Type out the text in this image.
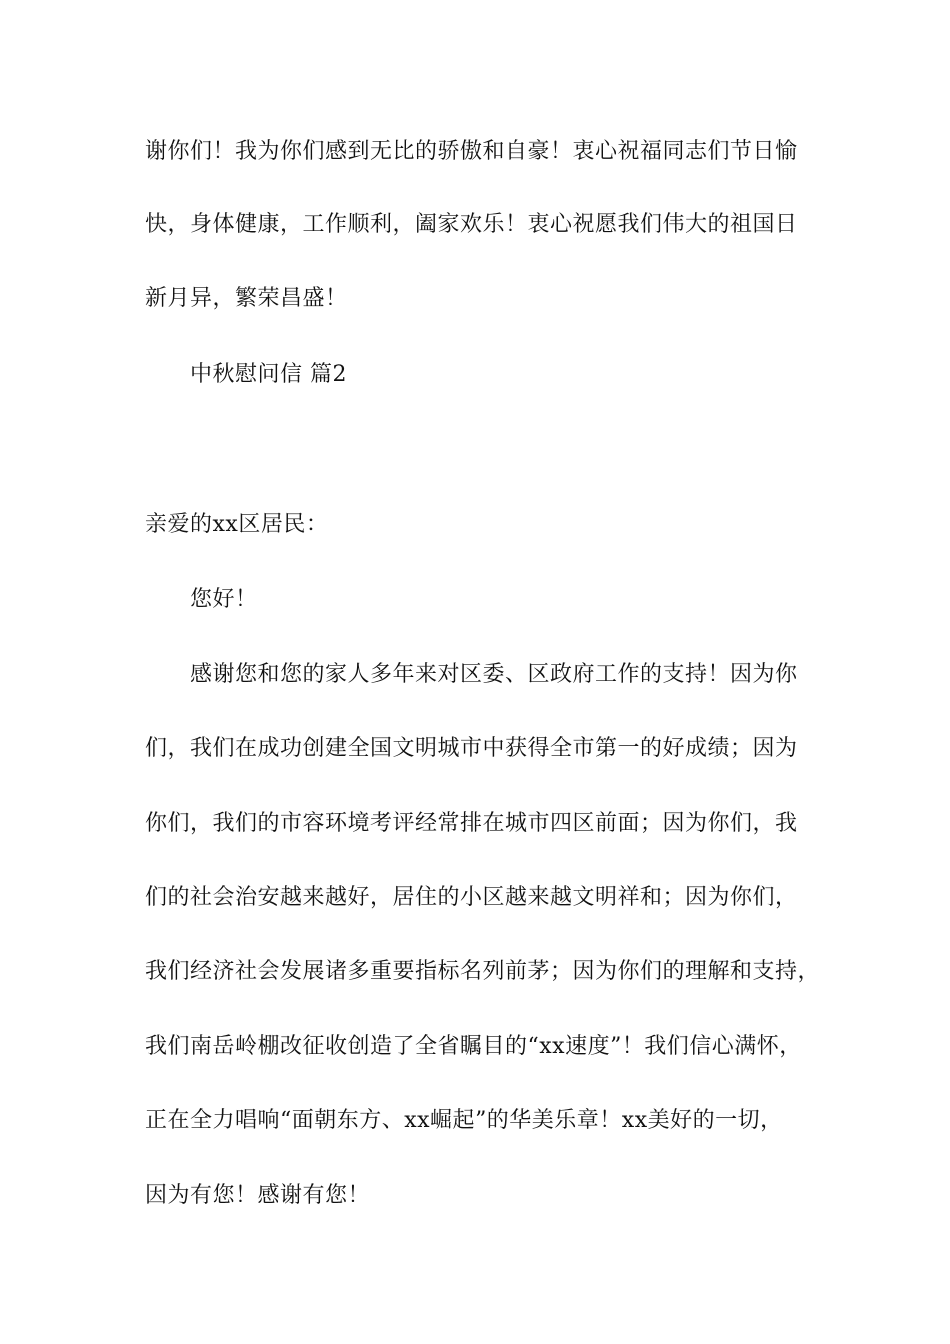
谢你们！我为你们感到无比的骄傲和自豪！衷心祝福同志们节日愉
快，身体健康，工作顺利，阖家欢乐！衷心祝愿我们伟大的祖国日
新月异，繁荣昌盛！
中秋慰问信 篇2
亲爱的xx区居民：
您好！
感谢您和您的家人多年来对区委、区政府工作的支持！因为你
们，我们在成功创建全国文明城市中获得全市第一的好成绩；因为
你们，我们的市容环境考评经常排在城市四区前面；因为你们，我
们的社会治安越来越好，居住的小区越来越文明祥和；因为你们，
我们经济社会发展诸多重要指标名列前茅；因为你们的理解和支持，
我们南岳岭棚改征收创造了全省瞩目的“xx速度”！我们信心满怀，
正在全力唱响“面朝东方、xx崛起”的华美乐章！xx美好的一切，
因为有您！感谢有您！
